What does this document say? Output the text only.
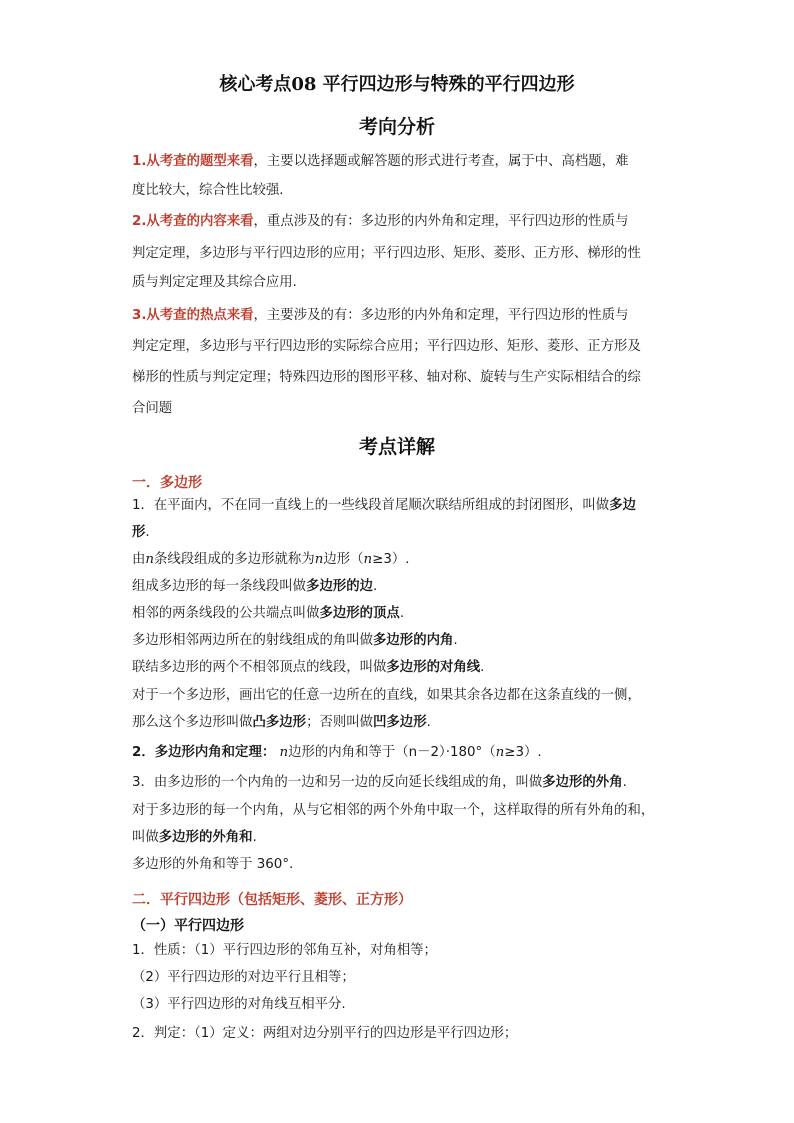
核心考点08 平行四边形与特殊的平行四边形
考向分析
1.从考查的题型来看，主要以选择题或解答题的形式进行考查，属于中、高档题，难
度比较大，综合性比较强.
2.从考查的内容来看，重点涉及的有：多边形的内外角和定理，平行四边形的性质与
判定定理，多边形与平行四边形的应用；平行四边形、矩形、菱形、正方形、梯形的性
质与判定定理及其综合应用.
3.从考查的热点来看，主要涉及的有：多边形的内外角和定理，平行四边形的性质与
判定定理，多边形与平行四边形的实际综合应用；平行四边形、矩形、菱形、正方形及
梯形的性质与判定定理；特殊四边形的图形平移、轴对称、旋转与生产实际相结合的综
合问题
考点详解
一．多边形
1．在平面内，不在同一直线上的一些线段首尾顺次联结所组成的封闭图形，叫做多边
形.
由n条线段组成的多边形就称为n边形（n≥3）.
组成多边形的每一条线段叫做多边形的边.
相邻的两条线段的公共端点叫做多边形的顶点.
多边形相邻两边所在的射线组成的角叫做多边形的内角.
联结多边形的两个不相邻顶点的线段，叫做多边形的对角线.
对于一个多边形，画出它的任意一边所在的直线，如果其余各边都在这条直线的一侧，
那么这个多边形叫做凸多边形；否则叫做凹多边形.
2．多边形内角和定理： n边形的内角和等于（n－2）·180°（n≥3）.
3．由多边形的一个内角的一边和另一边的反向延长线组成的角，叫做多边形的外角.
对于多边形的每一个内角，从与它相邻的两个外角中取一个，这样取得的所有外角的和，
叫做多边形的外角和.
多边形的外角和等于 360°.
二．平行四边形（包括矩形、菱形、正方形）
（一）平行四边形
1．性质：（1）平行四边形的邻角互补，对角相等；
（2）平行四边形的对边平行且相等；
（3）平行四边形的对角线互相平分.
2．判定：（1）定义：两组对边分别平行的四边形是平行四边形；
